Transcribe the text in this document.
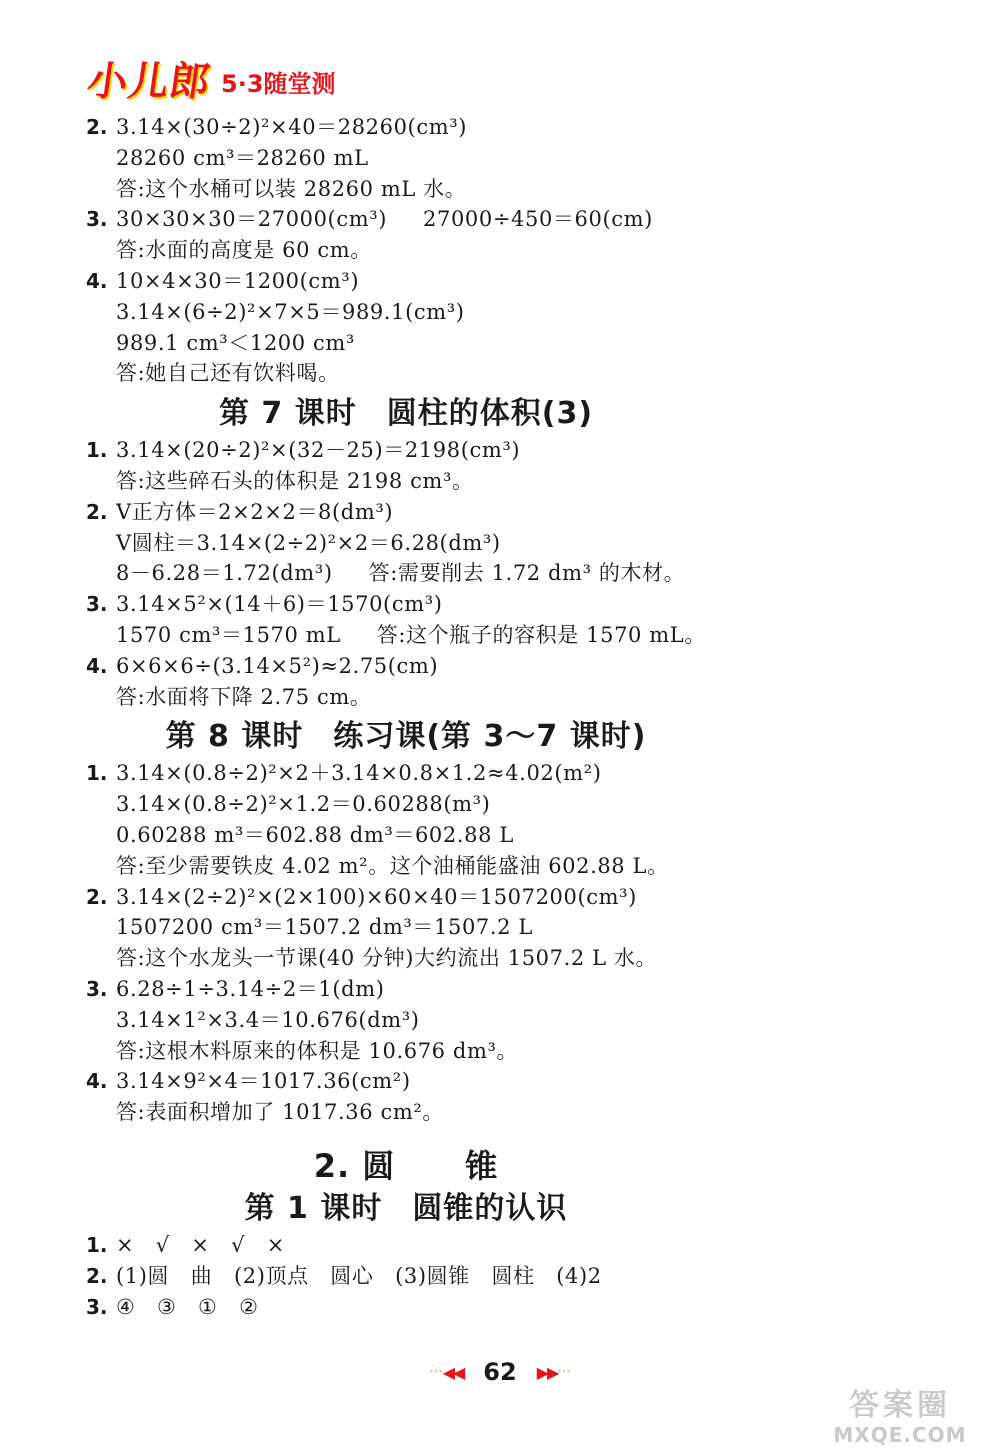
小儿郎 5·3随堂测
2. 3.14×(30÷2)²×40＝28260(cm³)
28260 cm³＝28260 mL
答:这个水桶可以装 28260 mL 水。
3. 30×30×30＝27000(cm³) 27000÷450＝60(cm)
答:水面的高度是 60 cm。
4. 10×4×30＝1200(cm³)
3.14×(6÷2)²×7×5＝989.1(cm³)
989.1 cm³＜1200 cm³
答:她自己还有饮料喝。
第 7 课时 圆柱的体积(3)
1. 3.14×(20÷2)²×(32－25)＝2198(cm³)
答:这些碎石头的体积是 2198 cm³。
2. V正方体＝2×2×2＝8(dm³)
V圆柱＝3.14×(2÷2)²×2＝6.28(dm³)
8－6.28＝1.72(dm³) 答:需要削去 1.72 dm³ 的木材。
3. 3.14×5²×(14＋6)＝1570(cm³)
1570 cm³＝1570 mL 答:这个瓶子的容积是 1570 mL。
4. 6×6×6÷(3.14×5²)≈2.75(cm)
答:水面将下降 2.75 cm。
第 8 课时 练习课(第 3～7 课时)
1. 3.14×(0.8÷2)²×2＋3.14×0.8×1.2≈4.02(m²)
3.14×(0.8÷2)²×1.2＝0.60288(m³)
0.60288 m³＝602.88 dm³＝602.88 L
答:至少需要铁皮 4.02 m²。这个油桶能盛油 602.88 L。
2. 3.14×(2÷2)²×(2×100)×60×40＝1507200(cm³)
1507200 cm³＝1507.2 dm³＝1507.2 L
答:这个水龙头一节课(40 分钟)大约流出 1507.2 L 水。
3. 6.28÷1÷3.14÷2＝1(dm)
3.14×1²×3.4＝10.676(dm³)
答:这根木料原来的体积是 10.676 dm³。
4. 3.14×9²×4＝1017.36(cm²)
答:表面积增加了 1017.36 cm²。
2. 圆 锥
第 1 课时 圆锥的认识
1. ×　√　×　√　×
2. (1)圆　曲　(2)顶点　圆心　(3)圆锥　圆柱　(4)2
3. ④　③　①　②
··· ◀◀ 62 ▶▶ ···
答案圈
MXQE.COM
